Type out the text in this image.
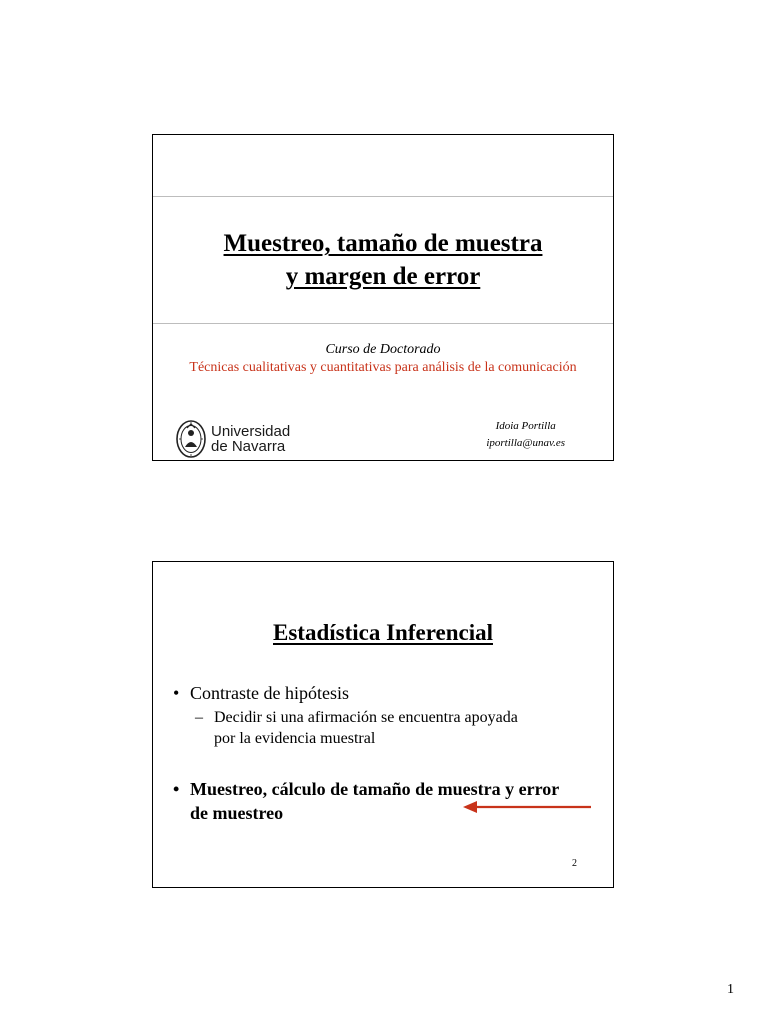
Muestreo, tamaño de muestra
y margen de error
Curso de Doctorado
Técnicas cualitativas y cuantitativas para análisis de la comunicación
Universidad
de Navarra
Idoia Portilla
iportilla@unav.es
Estadística Inferencial
• Contraste de hipótesis
– Decidir si una afirmación se encuentra apoyada
por la evidencia muestral
• Muestreo, cálculo de tamaño de muestra y error de muestreo
2
1
